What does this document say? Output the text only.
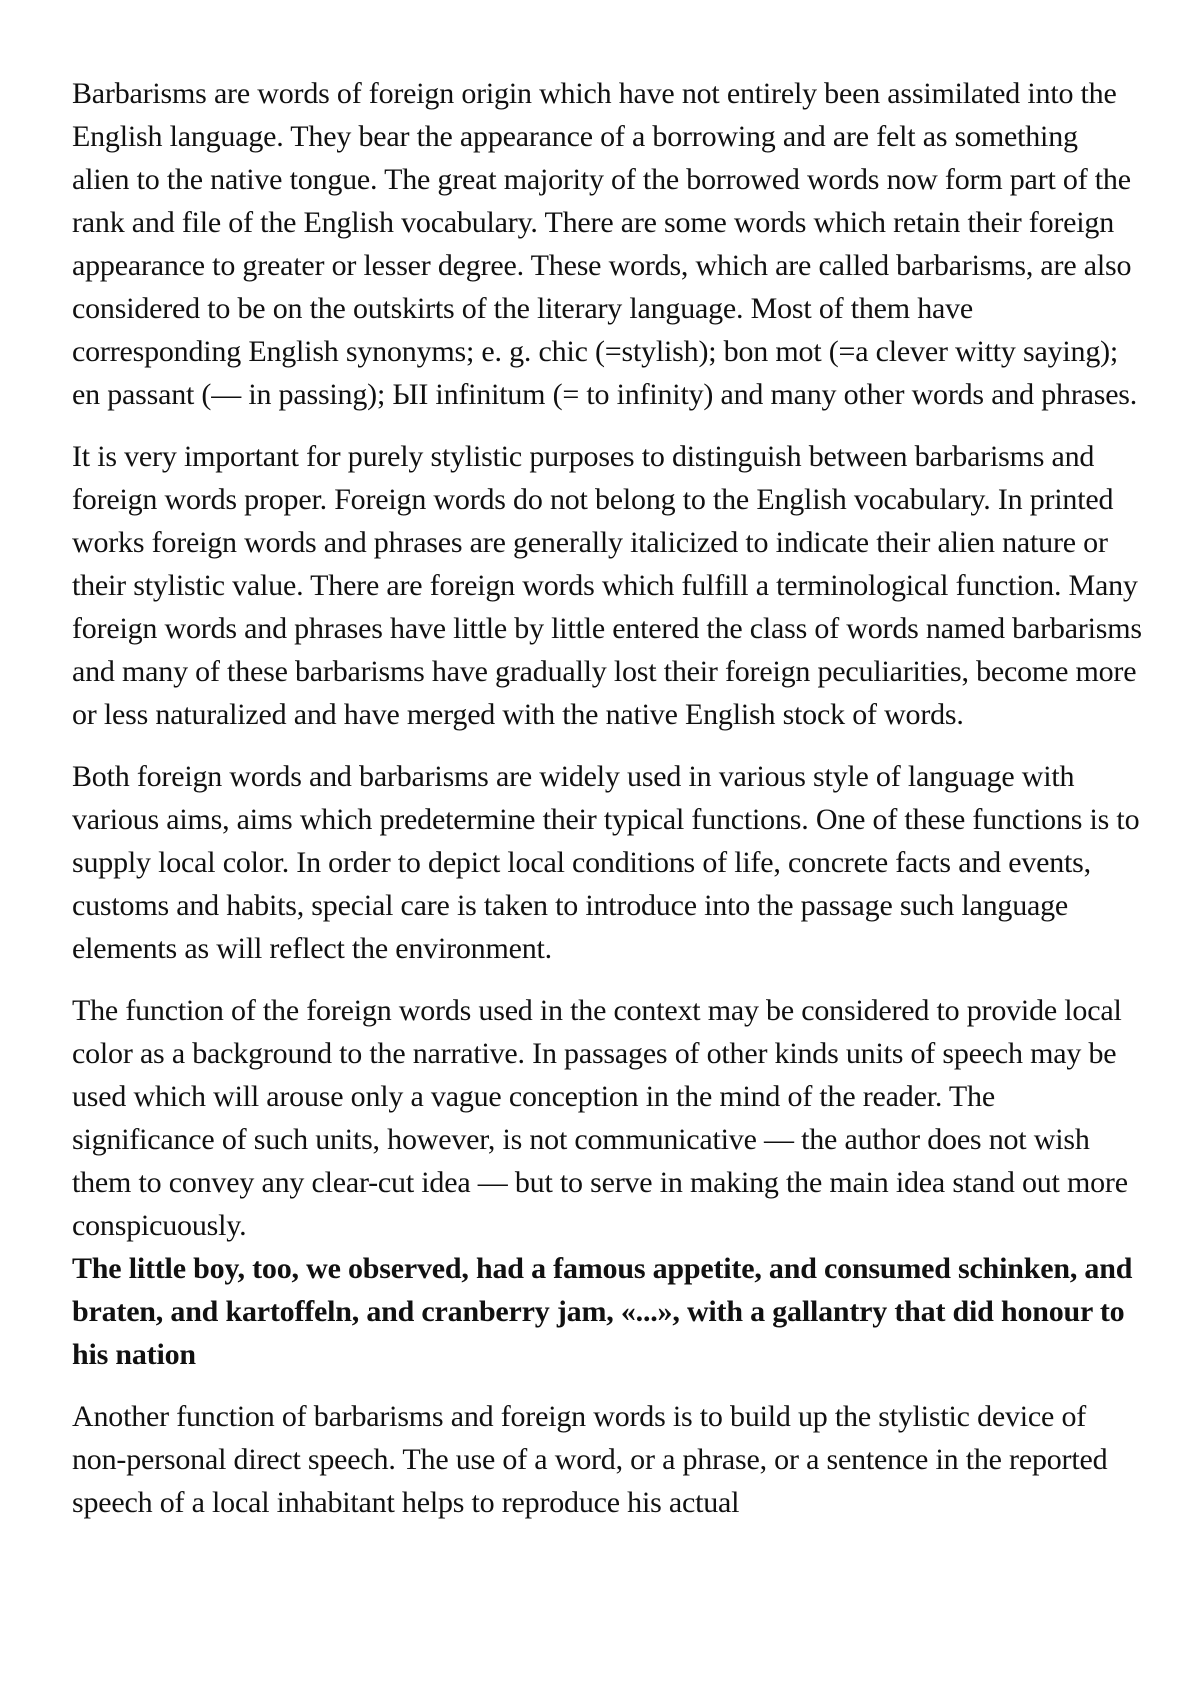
Barbarisms are words of foreign origin which have not entirely been assimilated into the English language. They bear the appearance of a borrowing and are felt as something alien to the native tongue. The great majority of the borrowed words now form part of the rank and file of the English vocabulary. There are some words which retain their foreign appearance to greater or lesser degree. These words, which are called barbarisms, are also considered to be on the outskirts of the literary language. Most of them have corresponding English synonyms; e. g. chic (=stylish); bon mot (=a clever witty saying); en passant (— in passing); ЫI infinitum (= to infinity) and many other words and phrases.

It is very important for purely stylistic purposes to distinguish between barbarisms and foreign words proper. Foreign words do not belong to the English vocabulary. In printed works foreign words and phrases are generally italicized to indicate their alien nature or their stylistic value. There are foreign words which fulfill a terminological function. Many foreign words and phrases have little by little entered the class of words named barbarisms and many of these barbarisms have gradually lost their foreign peculiarities, become more or less naturalized and have merged with the native English stock of words.

Both foreign words and barbarisms are widely used in various style of language with various aims, aims which predetermine their typical functions. One of these functions is to supply local color. In order to depict local conditions of life, concrete facts and events, customs and habits, special care is taken to introduce into the passage such language elements as will reflect the environment.

The function of the foreign words used in the context may be considered to provide local color as a background to the narrative. In passages of other kinds units of speech may be used which will arouse only a vague conception in the mind of the reader. The significance of such units, however, is not communicative — the author does not wish them to convey any clear-cut idea — but to serve in making the main idea stand out more conspicuously.

The little boy, too, we observed, had a famous appetite, and consumed schinken, and braten, and kartoffeln, and cranberry jam, «...», with a gallantry that did honour to his nation

Another function of barbarisms and foreign words is to build up the stylistic device of non-personal direct speech. The use of a word, or a phrase, or a sentence in the reported speech of a local inhabitant helps to reproduce his actual
